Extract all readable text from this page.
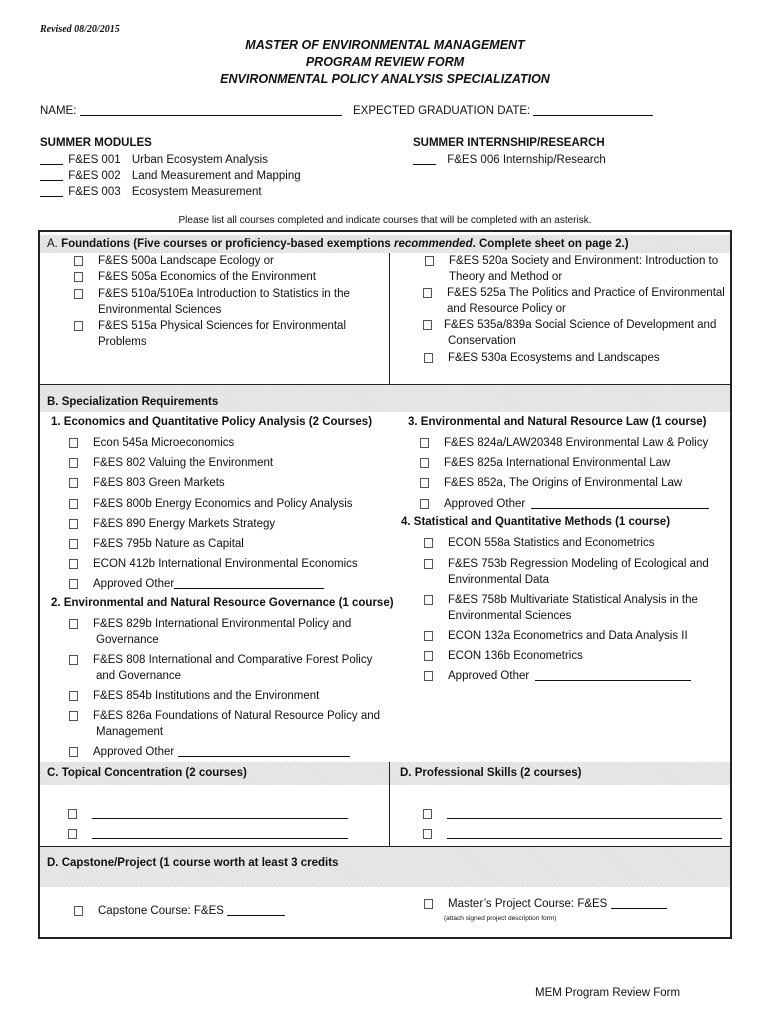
Revised 08/20/2015
MASTER OF ENVIRONMENTAL MANAGEMENT
PROGRAM REVIEW FORM
ENVIRONMENTAL POLICY ANALYSIS SPECIALIZATION
NAME:	EXPECTED GRADUATION DATE:
SUMMER MODULES
F&ES 001 Urban Ecosystem Analysis
F&ES 002 Land Measurement and Mapping
F&ES 003 Ecosystem Measurement
SUMMER INTERNSHIP/RESEARCH
F&ES 006 Internship/Research
Please list all courses completed and indicate courses that will be completed with an asterisk.
A. Foundations (Five courses or proficiency-based exemptions recommended. Complete sheet on page 2.)
F&ES 500a Landscape Ecology or
F&ES 505a Economics of the Environment
F&ES 510a/510Ea Introduction to Statistics in the
Environmental Sciences
F&ES 515a Physical Sciences for Environmental
Problems
F&ES 520a Society and Environment: Introduction to
Theory and Method or
F&ES 525a The Politics and Practice of Environmental
and Resource Policy or
F&ES 535a/839a Social Science of Development and
Conservation
F&ES 530a Ecosystems and Landscapes
B. Specialization Requirements
1. Economics and Quantitative Policy Analysis (2 Courses)
Econ 545a Microeconomics
F&ES 802 Valuing the Environment
F&ES 803 Green Markets
F&ES 800b Energy Economics and Policy Analysis
F&ES 890 Energy Markets Strategy
F&ES 795b Nature as Capital
ECON 412b International Environmental Economics
Approved Other
2. Environmental and Natural Resource Governance (1 course)
F&ES 829b International Environmental Policy and
Governance
F&ES 808 International and Comparative Forest Policy
and Governance
F&ES 854b Institutions and the Environment
F&ES 826a Foundations of Natural Resource Policy and
Management
Approved Other
3. Environmental and Natural Resource Law (1 course)
F&ES 824a/LAW20348 Environmental Law & Policy
F&ES 825a International Environmental Law
F&ES 852a, The Origins of Environmental Law
Approved Other
4. Statistical and Quantitative Methods (1 course)
ECON 558a Statistics and Econometrics
F&ES 753b Regression Modeling of Ecological and
Environmental Data
F&ES 758b Multivariate Statistical Analysis in the
Environmental Sciences
ECON 132a Econometrics and Data Analysis II
ECON 136b Econometrics
Approved Other
C. Topical Concentration (2 courses)	D. Professional Skills (2 courses)
D. Capstone/Project (1 course worth at least 3 credits
Capstone Course: F&ES
Master’s Project Course: F&ES
(attach signed project description form)
MEM Program Review Form
